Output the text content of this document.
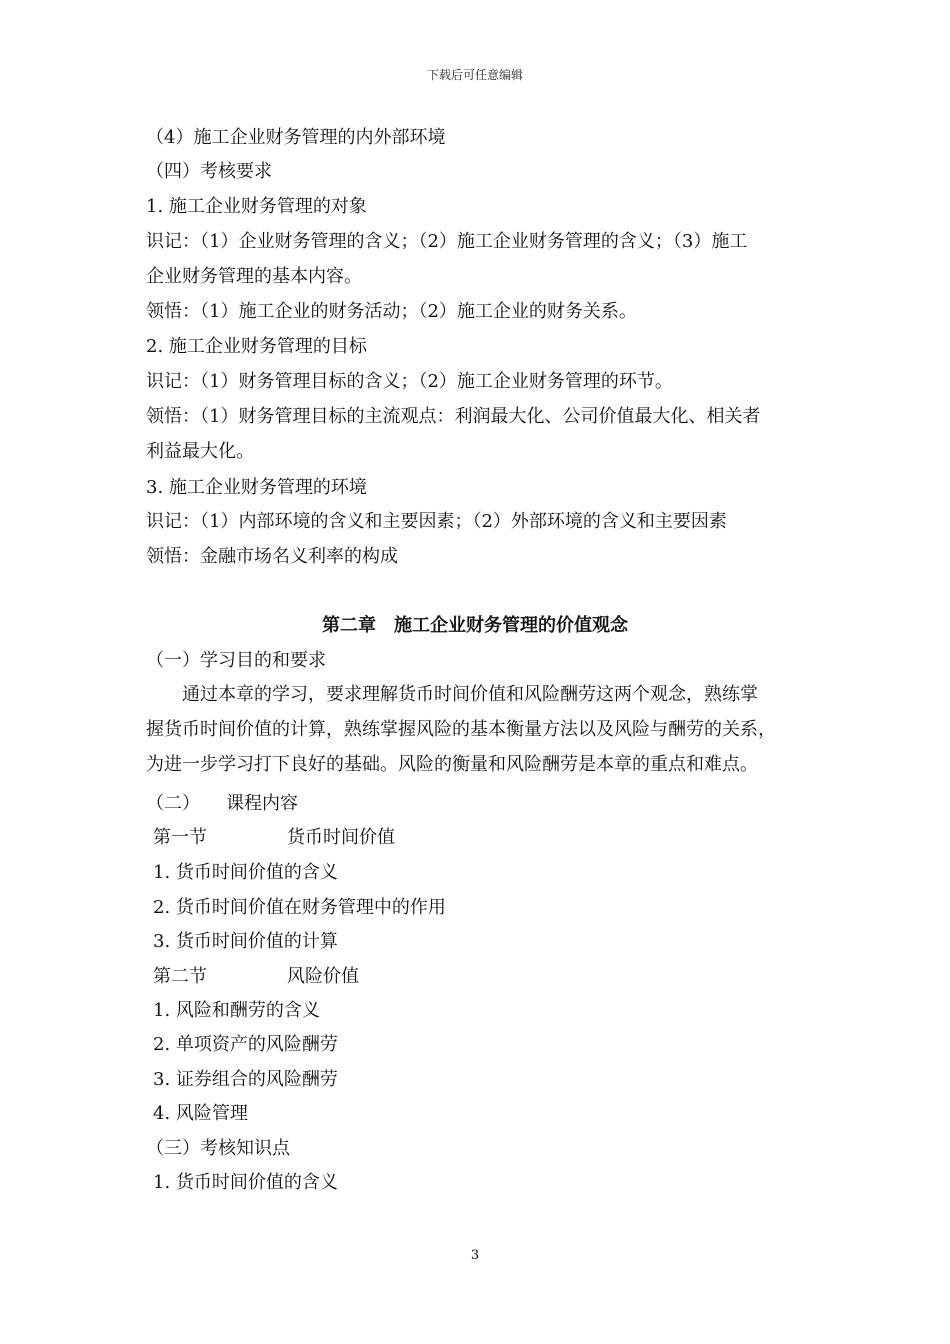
下载后可任意编辑
（4）施工企业财务管理的内外部环境
（四）考核要求
1. 施工企业财务管理的对象
识记：（1）企业财务管理的含义；（2）施工企业财务管理的含义；（3）施工
企业财务管理的基本内容。
领悟：（1）施工企业的财务活动；（2）施工企业的财务关系。
2. 施工企业财务管理的目标
识记：（1）财务管理目标的含义；（2）施工企业财务管理的环节。
领悟：（1）财务管理目标的主流观点：利润最大化、公司价值最大化、相关者
利益最大化。
3. 施工企业财务管理的环境
识记：（1）内部环境的含义和主要因素；（2）外部环境的含义和主要因素
领悟：金融市场名义利率的构成
第二章 施工企业财务管理的价值观念
（一）学习目的和要求
通过本章的学习，要求理解货币时间价值和风险酬劳这两个观念，熟练掌
握货币时间价值的计算，熟练掌握风险的基本衡量方法以及风险与酬劳的关系，
为进一步学习打下良好的基础。风险的衡量和风险酬劳是本章的重点和难点。
（二） 课程内容
第一节	货币时间价值
1. 货币时间价值的含义
2. 货币时间价值在财务管理中的作用
3. 货币时间价值的计算
第二节	风险价值
1. 风险和酬劳的含义
2. 单项资产的风险酬劳
3. 证券组合的风险酬劳
4. 风险管理
（三）考核知识点
1. 货币时间价值的含义
3
